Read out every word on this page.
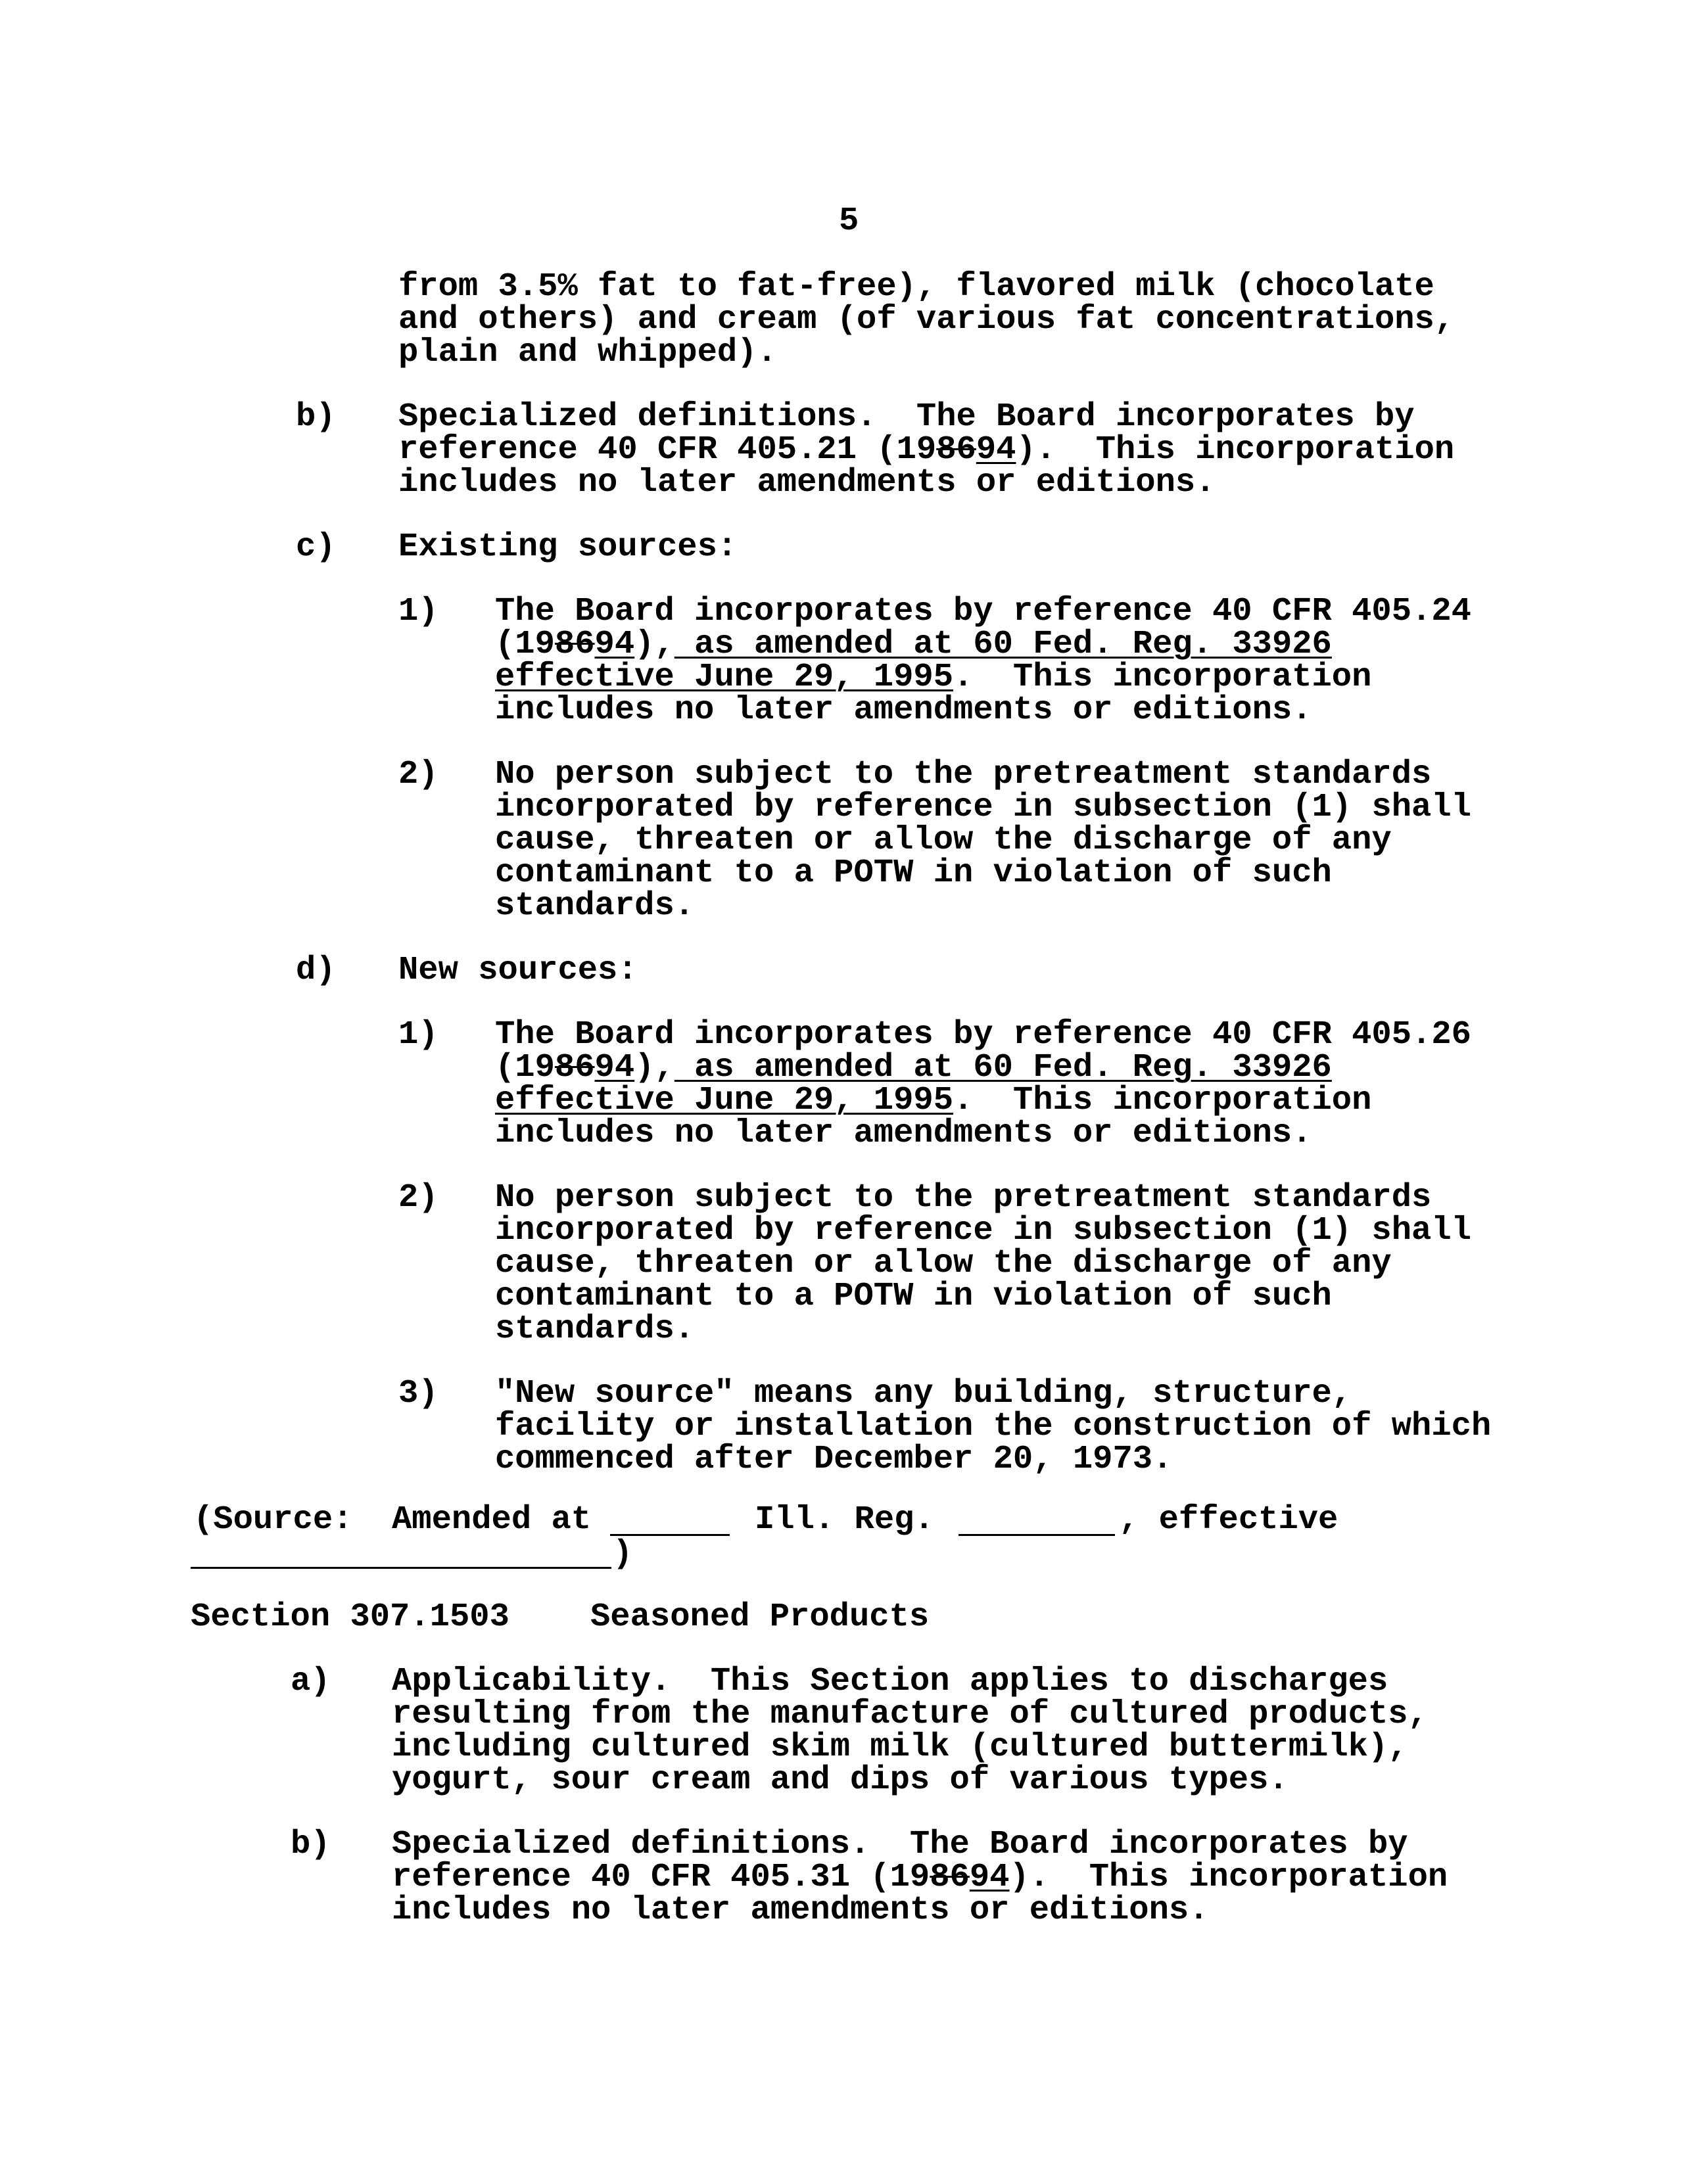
5
from 3.5% fat to fat-free), flavored milk (chocolate
and others) and cream (of various fat concentrations,
plain and whipped).
b) Specialized definitions.  The Board incorporates by
reference 40 CFR 405.21 (198694).  This incorporation
includes no later amendments or editions.
c) Existing sources:
1) The Board incorporates by reference 40 CFR 405.24
(198694), as amended at 60 Fed. Reg. 33926
effective June 29, 1995.  This incorporation
includes no later amendments or editions.
2) No person subject to the pretreatment standards
incorporated by reference in subsection (1) shall
cause, threaten or allow the discharge of any
contaminant to a POTW in violation of such
standards.
d) New sources:
1) The Board incorporates by reference 40 CFR 405.26
(198694), as amended at 60 Fed. Reg. 33926
effective June 29, 1995.  This incorporation
includes no later amendments or editions.
2) No person subject to the pretreatment standards
incorporated by reference in subsection (1) shall
cause, threaten or allow the discharge of any
contaminant to a POTW in violation of such
standards.
3) "New source" means any building, structure,
facility or installation the construction of which
commenced after December 20, 1973.
(Source: Amended at	Ill. Reg.	, effective
)
Section 307.1503 Seasoned Products
a) Applicability.  This Section applies to discharges
resulting from the manufacture of cultured products,
including cultured skim milk (cultured buttermilk),
yogurt, sour cream and dips of various types.
b) Specialized definitions.  The Board incorporates by
reference 40 CFR 405.31 (198694).  This incorporation
includes no later amendments or editions.
